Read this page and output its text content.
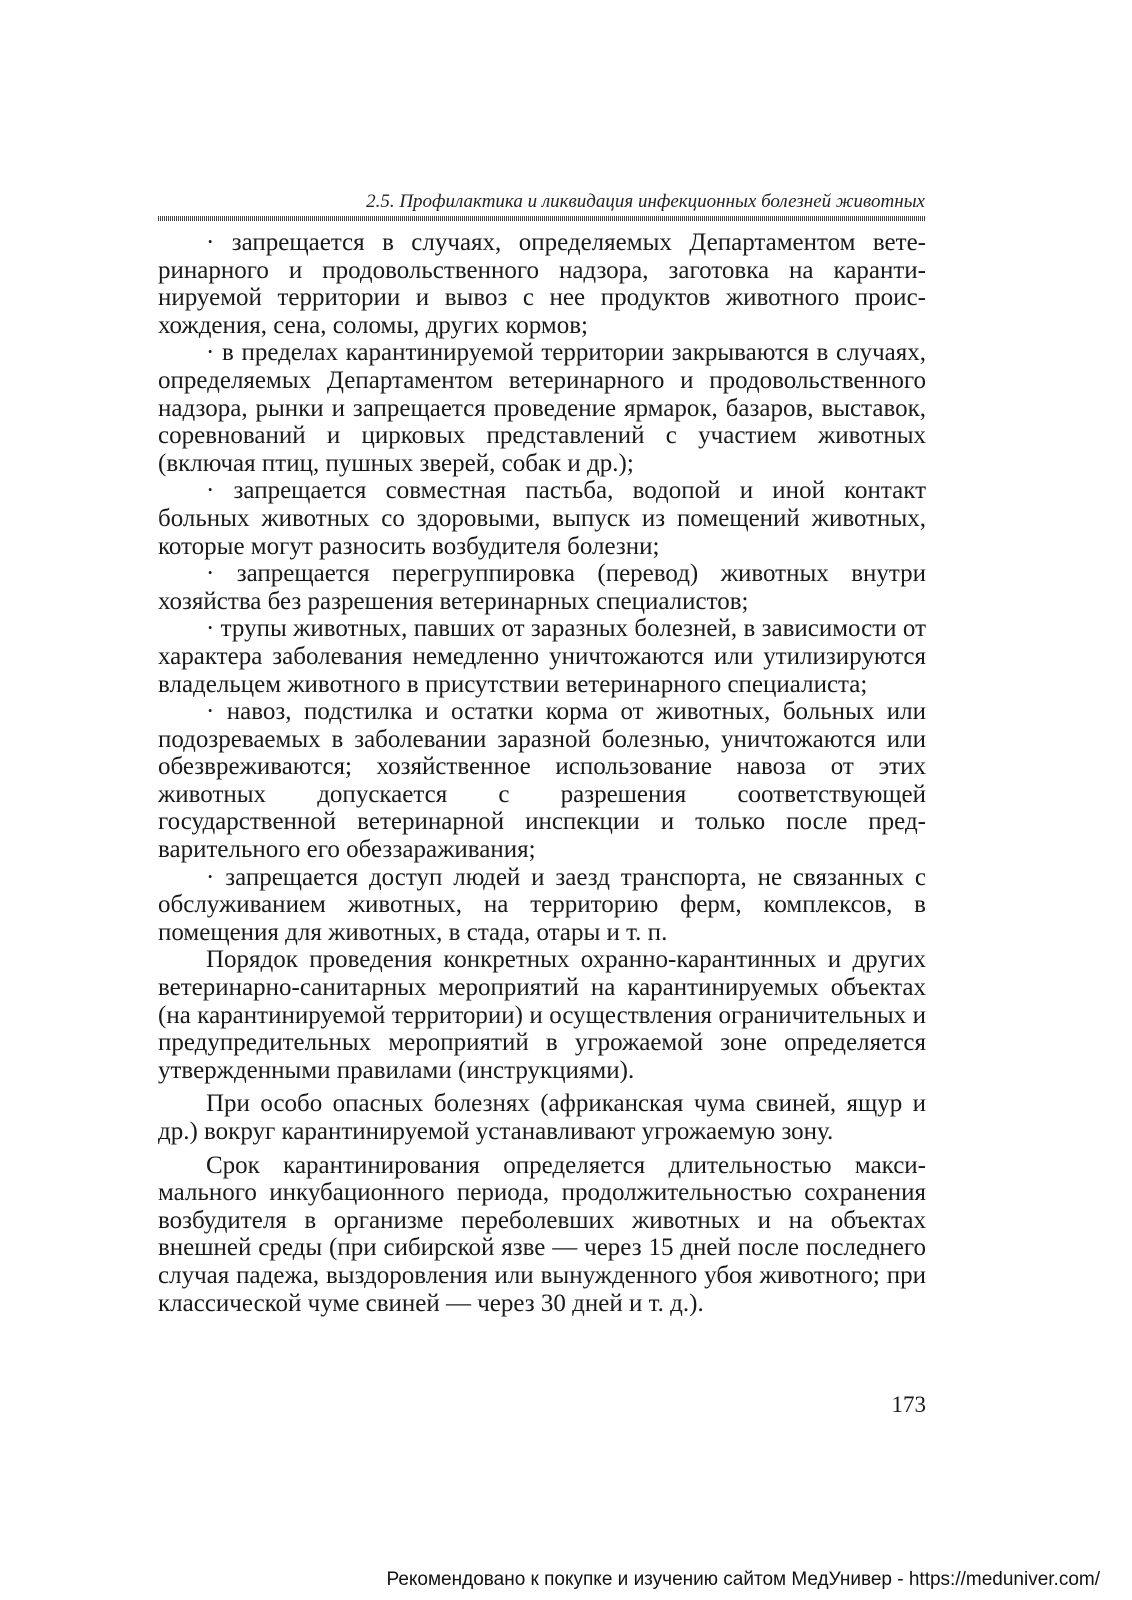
2.5. Профилактика и ликвидация инфекционных болезней животных

· запрещается в случаях, определяемых Департаментом ветеринарного и продовольственного надзора, заготовка на карантинируемой территории и вывоз с нее продуктов животного происхождения, сена, соломы, других кормов;

· в пределах карантинируемой территории закрываются в случаях, определяемых Департаментом ветеринарного и продовольственного надзора, рынки и запрещается проведение ярмарок, базаров, выставок, соревнований и цирковых представлений с участием животных (включая птиц, пушных зверей, собак и др.);

· запрещается совместная пастьба, водопой и иной контакт больных животных со здоровыми, выпуск из помещений животных, которые могут разносить возбудителя болезни;

· запрещается перегруппировка (перевод) животных внутри хозяйства без разрешения ветеринарных специалистов;

· трупы животных, павших от заразных болезней, в зависимости от характера заболевания немедленно уничтожаются или утилизируются владельцем животного в присутствии ветеринарного специалиста;

· навоз, подстилка и остатки корма от животных, больных или подозреваемых в заболевании заразной болезнью, уничтожаются или обезвреживаются; хозяйственное использование навоза от этих животных допускается с разрешения соответствующей государственной ветеринарной инспекции и только после предварительного его обеззараживания;

· запрещается доступ людей и заезд транспорта, не связанных с обслуживанием животных, на территорию ферм, комплексов, в помещения для животных, в стада, отары и т. п.

Порядок проведения конкретных охранно-карантинных и других ветеринарно-санитарных мероприятий на карантинируемых объектах (на карантинируемой территории) и осуществления ограничительных и предупредительных мероприятий в угрожаемой зоне определяется утвержденными правилами (инструкциями).

При особо опасных болезнях (африканская чума свиней, ящур и др.) вокруг карантинируемой устанавливают угрожаемую зону.

Срок карантинирования определяется длительностью максимального инкубационного периода, продолжительностью сохранения возбудителя в организме переболевших животных и на объектах внешней среды (при сибирской язве — через 15 дней после последнего случая падежа, выздоровления или вынужденного убоя животного; при классической чуме свиней — через 30 дней и т. д.).

173
Рекомендовано к покупке и изучению сайтом МедУнивер - https://meduniver.com/
